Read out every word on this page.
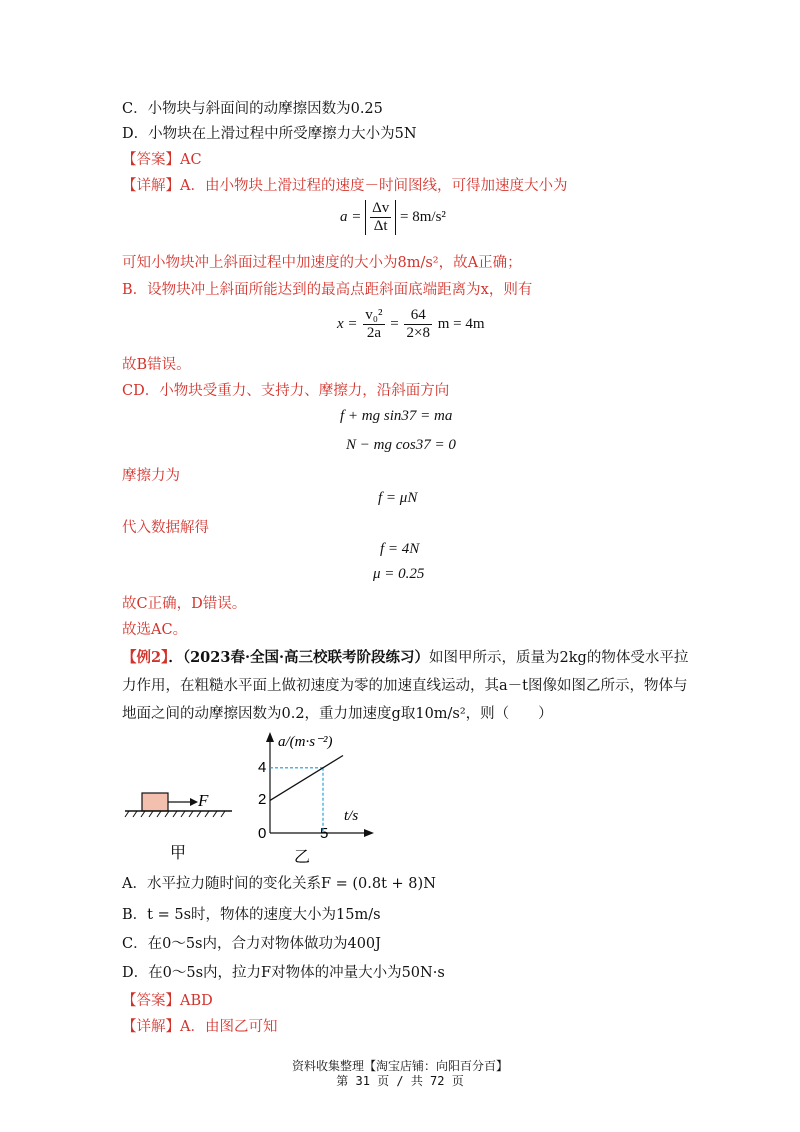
C．小物块与斜面间的动摩擦因数为0.25
D．小物块在上滑过程中所受摩擦力大小为5N
【答案】AC
【详解】A．由小物块上滑过程的速度－时间图线，可得加速度大小为
$a = \frac{\Delta v}{\Delta t} = 8m/s^2$
可知小物块冲上斜面过程中加速度的大小为8m/s²，故A正确；
B．设物块冲上斜面所能达到的最高点距斜面底端距离为x，则有
$x = \frac{\text{v₀²}}{2a} = \frac{64}{2\times 8}$ m = 4m
故B错误。
CD．小物块受重力、支持力、摩擦力，沿斜面方向
f + mg sin37 = ma
N − mg cos37 = 0
摩擦力为
f = μN
代入数据解得
f = 4N
μ = 0.25
故C正确，D错误。
故选AC。
【例2】．（2023春·全国·高三校联考阶段练习）如图甲所示，质量为2kg的物体受水平拉
力作用，在粗糙水平面上做初速度为零的加速直线运动，其a－t图像如图乙所示，物体与
地面之间的动摩擦因数为0.2，重力加速度g取10m/s²，则（　　）
F
甲
a/(m·s⁻²)
t/s
0
2
4
5
乙
A．水平拉力随时间的变化关系F = (0.8t + 8)N
B．t = 5s时，物体的速度大小为15m/s
C．在0～5s内，合力对物体做功为400J
D．在0～5s内，拉力F对物体的冲量大小为50N·s
【答案】ABD
【详解】A．由图乙可知
资料收集整理【淘宝店铺：向阳百分百】
第 31 页 / 共 72 页
